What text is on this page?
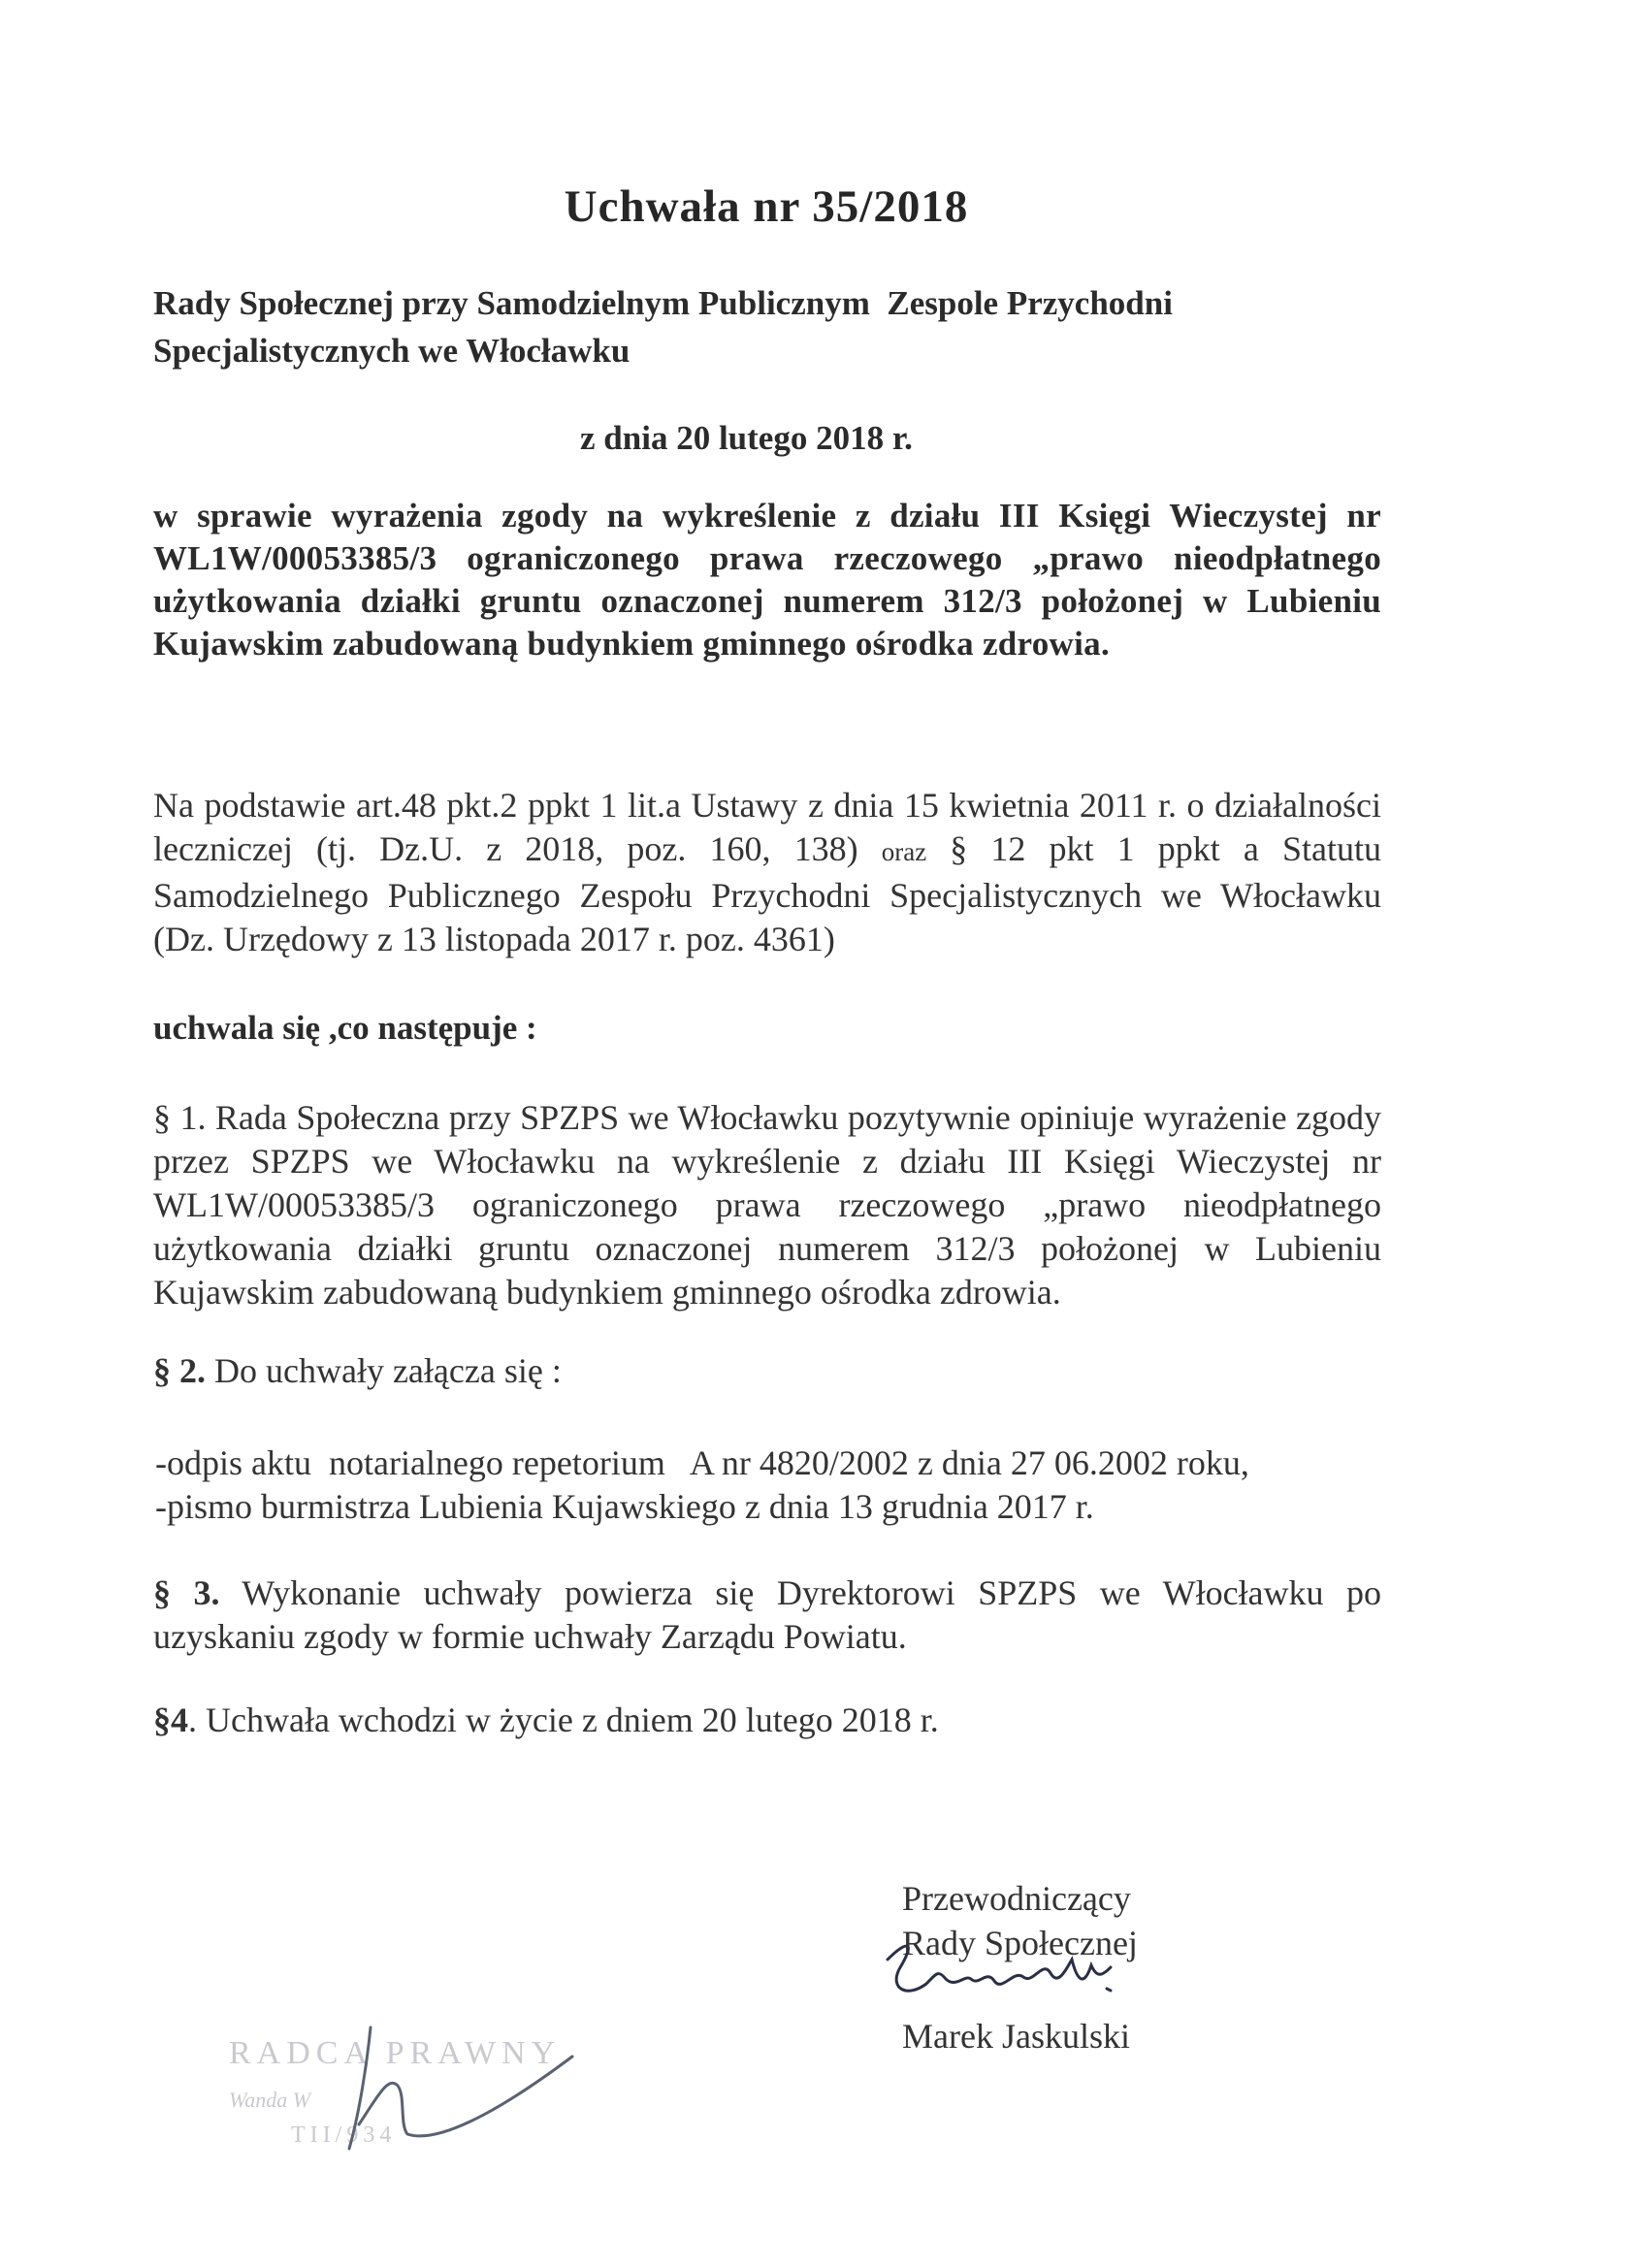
Uchwała nr 35/2018
Rady Społecznej przy Samodzielnym Publicznym  Zespole Przychodni
Specjalistycznych we Włocławku
z dnia 20 lutego 2018 r.

w sprawie wyrażenia zgody na wykreślenie z działu III Księgi Wieczystej nr WL1W/00053385/3 ograniczonego prawa rzeczowego „prawo nieodpłatnego użytkowania działki gruntu oznaczonej numerem 312/3 położonej w Lubieniu Kujawskim zabudowaną budynkiem gminnego ośrodka zdrowia.

Na podstawie art.48 pkt.2 ppkt 1 lit.a Ustawy z dnia 15 kwietnia 2011 r. o działalności leczniczej (tj. Dz.U. z 2018, poz. 160, 138) oraz § 12 pkt 1 ppkt a Statutu Samodzielnego Publicznego Zespołu Przychodni Specjalistycznych we Włocławku (Dz. Urzędowy z 13 listopada 2017 r. poz. 4361)

uchwala się ,co następuje :

§ 1. Rada Społeczna przy SPZPS we Włocławku pozytywnie opiniuje wyrażenie zgody przez SPZPS we Włocławku na wykreślenie z działu III Księgi Wieczystej nr WL1W/00053385/3 ograniczonego prawa rzeczowego „prawo nieodpłatnego użytkowania działki gruntu oznaczonej numerem 312/3 położonej w Lubieniu Kujawskim zabudowaną budynkiem gminnego ośrodka zdrowia.

§ 2. Do uchwały załącza się :
-odpis aktu  notarialnego repetorium   A nr 4820/2002 z dnia 27 06.2002 roku,
-pismo burmistrza Lubienia Kujawskiego z dnia 13 grudnia 2017 r.

§ 3. Wykonanie uchwały powierza się Dyrektorowi SPZPS we Włocławku po uzyskaniu zgody w formie uchwały Zarządu Powiatu.

§4. Uchwała wchodzi w życie z dniem 20 lutego 2018 r.
Przewodniczący
Rady Społecznej
Marek Jaskulski
RADCA PRAWNY
Wanda W
TII/934
